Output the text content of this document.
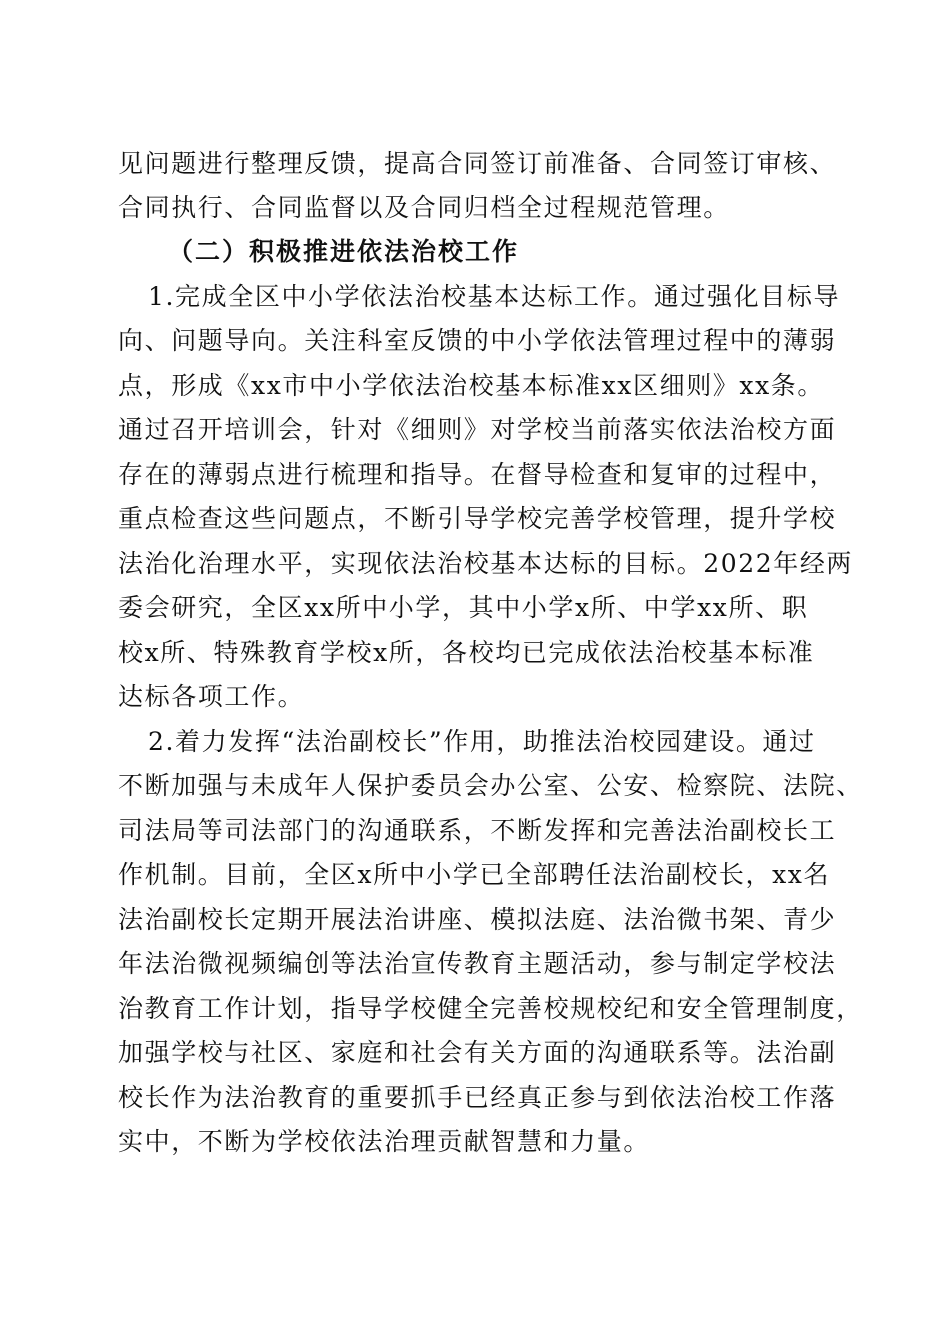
见问题进行整理反馈，提高合同签订前准备、合同签订审核、
合同执行、合同监督以及合同归档全过程规范管理。
（二）积极推进依法治校工作
1.完成全区中小学依法治校基本达标工作。通过强化目标导
向、问题导向。关注科室反馈的中小学依法管理过程中的薄弱
点，形成《xx市中小学依法治校基本标准xx区细则》xx条。
通过召开培训会，针对《细则》对学校当前落实依法治校方面
存在的薄弱点进行梳理和指导。在督导检查和复审的过程中，
重点检查这些问题点，不断引导学校完善学校管理，提升学校
法治化治理水平，实现依法治校基本达标的目标。2022年经两
委会研究，全区xx所中小学，其中小学x所、中学xx所、职
校x所、特殊教育学校x所，各校均已完成依法治校基本标准
达标各项工作。
2.着力发挥“法治副校长”作用，助推法治校园建设。通过
不断加强与未成年人保护委员会办公室、公安、检察院、法院、
司法局等司法部门的沟通联系，不断发挥和完善法治副校长工
作机制。目前，全区x所中小学已全部聘任法治副校长，xx名
法治副校长定期开展法治讲座、模拟法庭、法治微书架、青少
年法治微视频编创等法治宣传教育主题活动，参与制定学校法
治教育工作计划，指导学校健全完善校规校纪和安全管理制度，
加强学校与社区、家庭和社会有关方面的沟通联系等。法治副
校长作为法治教育的重要抓手已经真正参与到依法治校工作落
实中，不断为学校依法治理贡献智慧和力量。
